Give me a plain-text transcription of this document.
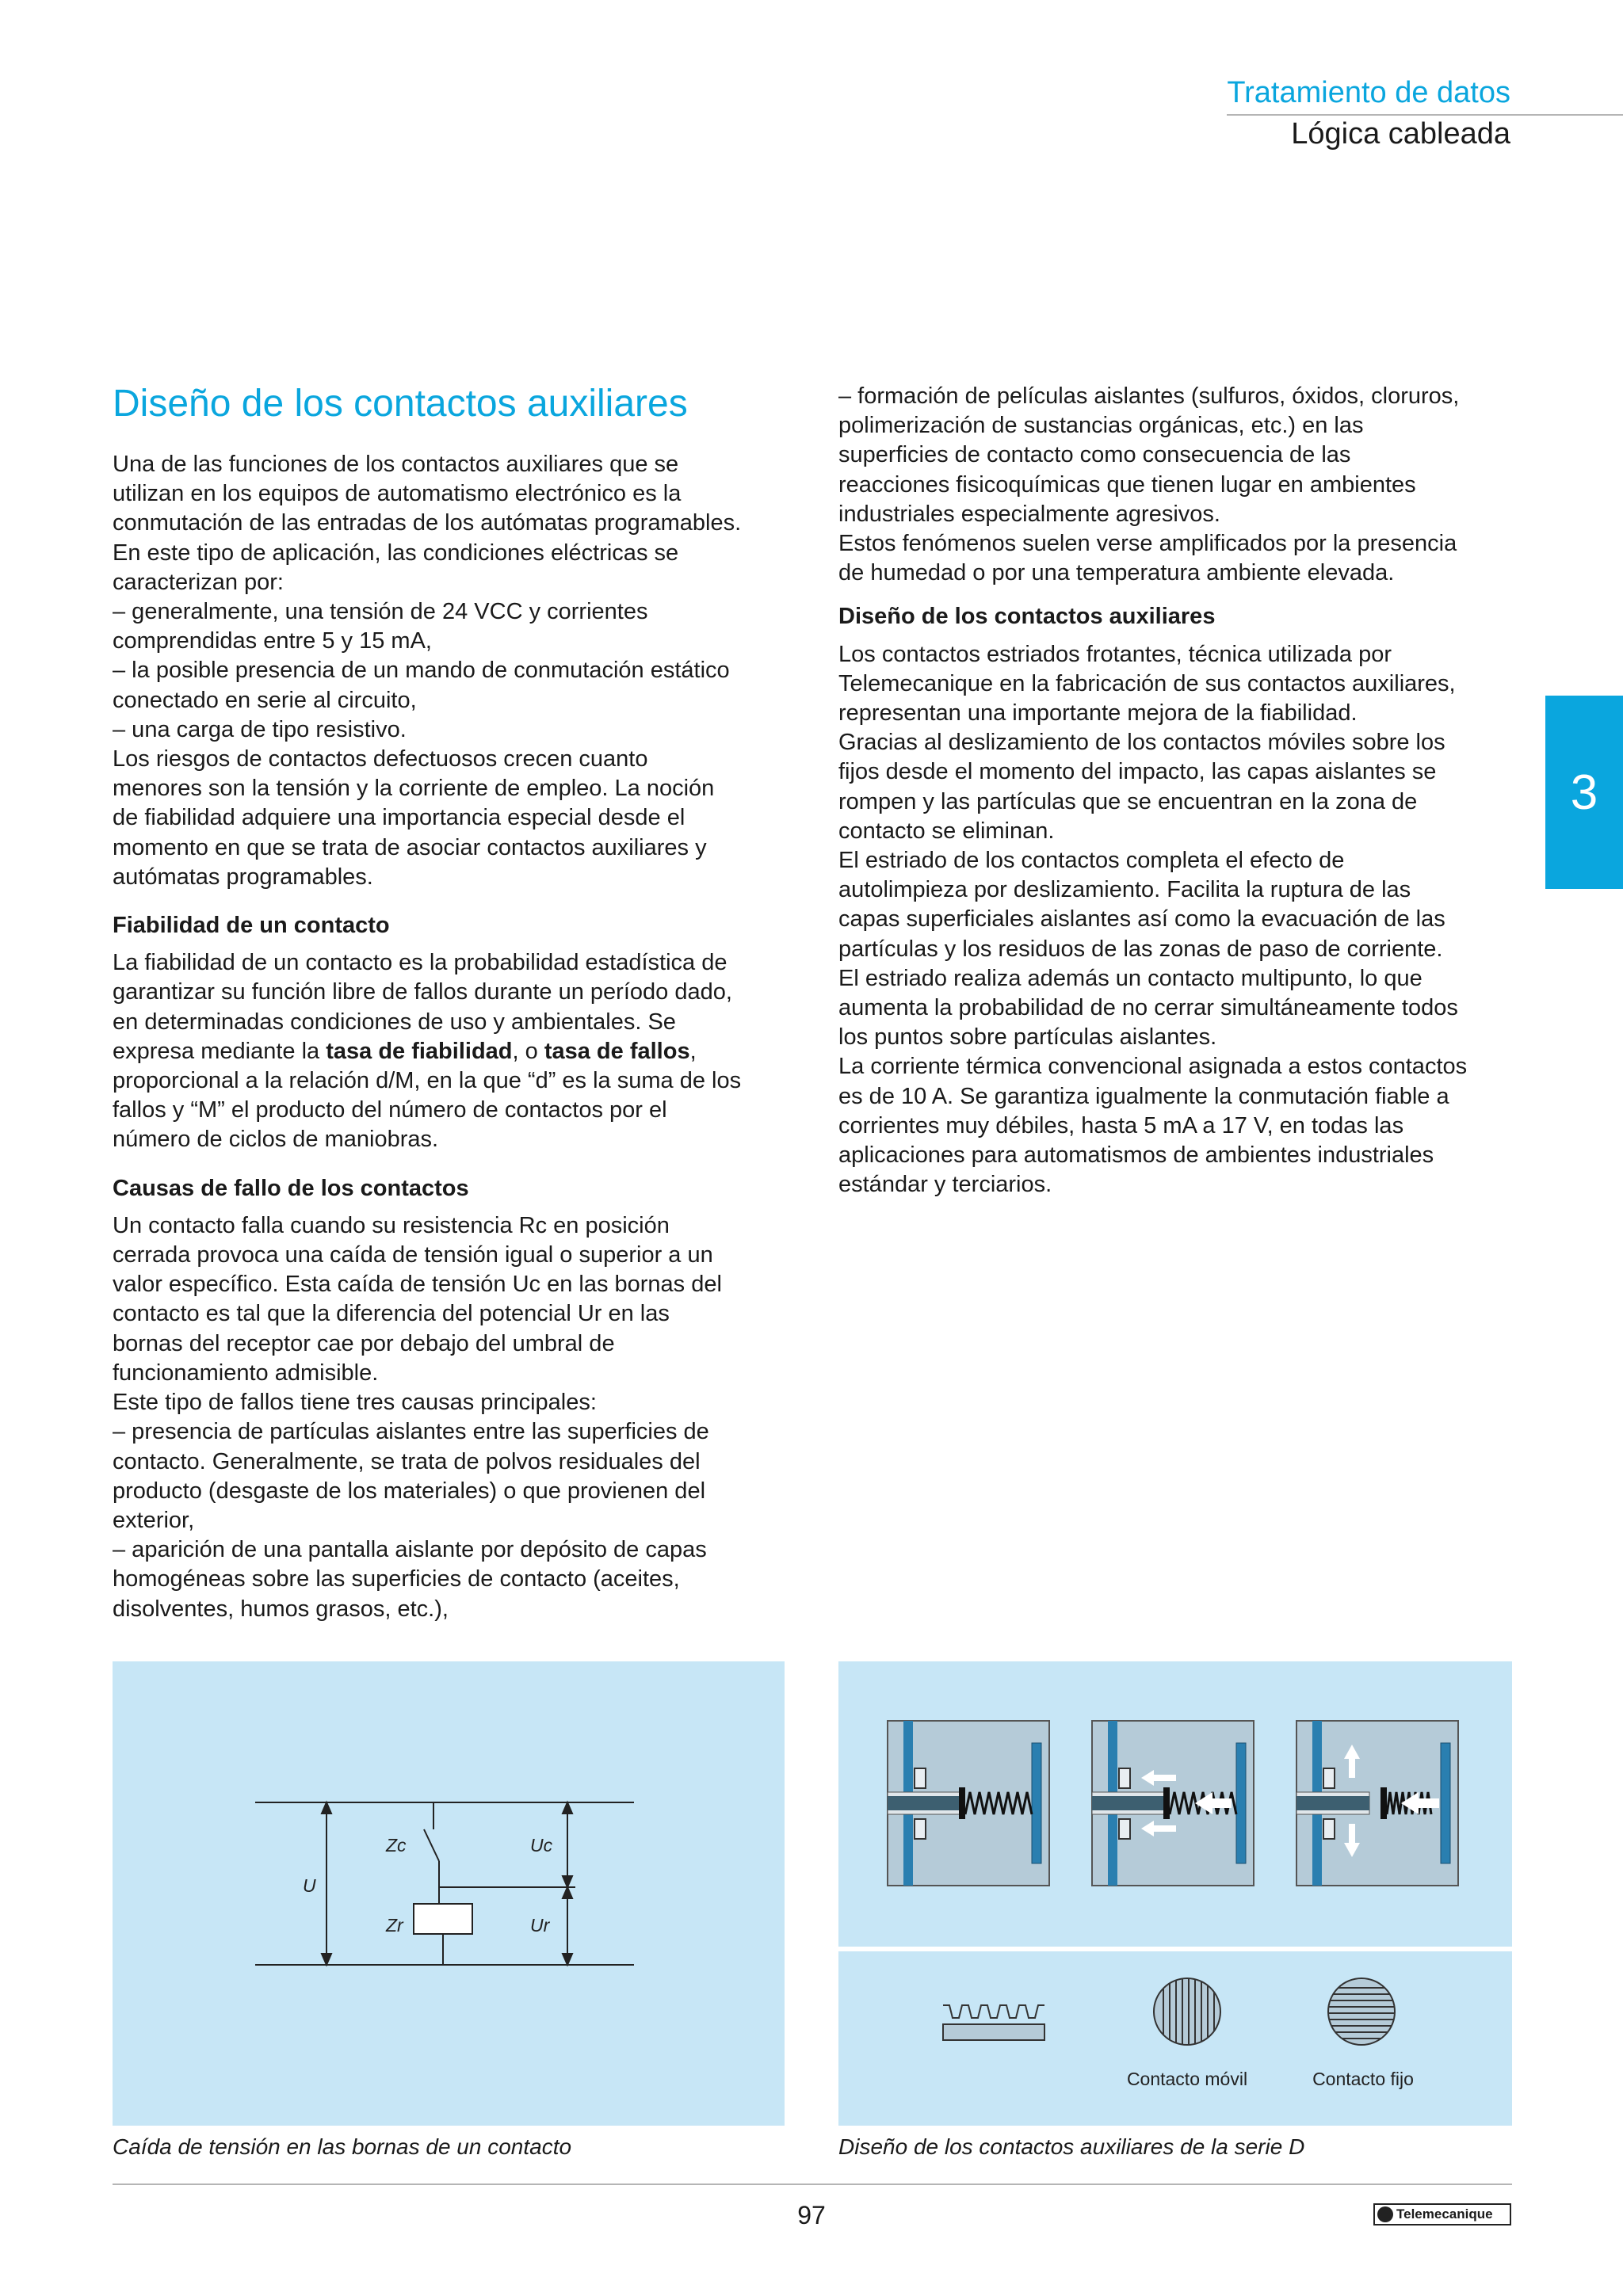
Tratamiento de datos
Lógica cableada
3

Diseño de los contactos auxiliares

Una de las funciones de los contactos auxiliares que se

utilizan en los equipos de automatismo electrónico es la

conmutación de las entradas de los autómatas programables.

En este tipo de aplicación, las condiciones eléctricas se

caracterizan por:

– generalmente, una tensión de 24 VCC y corrientes

comprendidas entre 5 y 15 mA,

– la posible presencia de un mando de conmutación estático

conectado en serie al circuito,

– una carga de tipo resistivo.

Los riesgos de contactos defectuosos crecen cuanto

menores son la tensión y la corriente de empleo. La noción

de fiabilidad adquiere una importancia especial desde el

momento en que se trata de asociar contactos auxiliares y

autómatas programables.

Fiabilidad de un contacto

La fiabilidad de un contacto es la probabilidad estadística de

garantizar su función libre de fallos durante un período dado,

en determinadas condiciones de uso y ambientales. Se

expresa mediante la tasa de fiabilidad, o tasa de fallos,

proporcional a la relación d/M, en la que “d” es la suma de los

fallos y “M” el producto del número de contactos por el

número de ciclos de maniobras.

Causas de fallo de los contactos

Un contacto falla cuando su resistencia Rc en posición

cerrada provoca una caída de tensión igual o superior a un

valor específico. Esta caída de tensión Uc en las bornas del

contacto es tal que la diferencia del potencial Ur en las

bornas del receptor cae por debajo del umbral de

funcionamiento admisible.

Este tipo de fallos tiene tres causas principales:

– presencia de partículas aislantes entre las superficies de

contacto. Generalmente, se trata de polvos residuales del

producto (desgaste de los materiales) o que provienen del

exterior,

– aparición de una pantalla aislante por depósito de capas

homogéneas sobre las superficies de contacto (aceites,

disolventes, humos grasos, etc.),

– formación de películas aislantes (sulfuros, óxidos, cloruros,

polimerización de sustancias orgánicas, etc.) en las

superficies de contacto como consecuencia de las

reacciones fisicoquímicas que tienen lugar en ambientes

industriales especialmente agresivos.

Estos fenómenos suelen verse amplificados por la presencia

de humedad o por una temperatura ambiente elevada.

Diseño de los contactos auxiliares

Los contactos estriados frotantes, técnica utilizada por

Telemecanique en la fabricación de sus contactos auxiliares,

representan una importante mejora de la fiabilidad.

Gracias al deslizamiento de los contactos móviles sobre los

fijos desde el momento del impacto, las capas aislantes se

rompen y las partículas que se encuentran en la zona de

contacto se eliminan.

El estriado de los contactos completa el efecto de

autolimpieza por deslizamiento. Facilita la ruptura de las

capas superficiales aislantes así como la evacuación de las

partículas y los residuos de las zonas de paso de corriente.

El estriado realiza además un contacto multipunto, lo que

aumenta la probabilidad de no cerrar simultáneamente todos

los puntos sobre partículas aislantes.

La corriente térmica convencional asignada a estos contactos

es de 10 A. Se garantiza igualmente la conmutación fiable a

corrientes muy débiles, hasta 5 mA a 17 V, en todas las

aplicaciones para automatismos de ambientes industriales

estándar y terciarios.

U
Zc	Uc
Zr	Ur
Caída de tensión en las bornas de un contacto
Contacto móvil	Contacto fijo
Diseño de los contactos auxiliares de la serie D
97	Telemecanique
